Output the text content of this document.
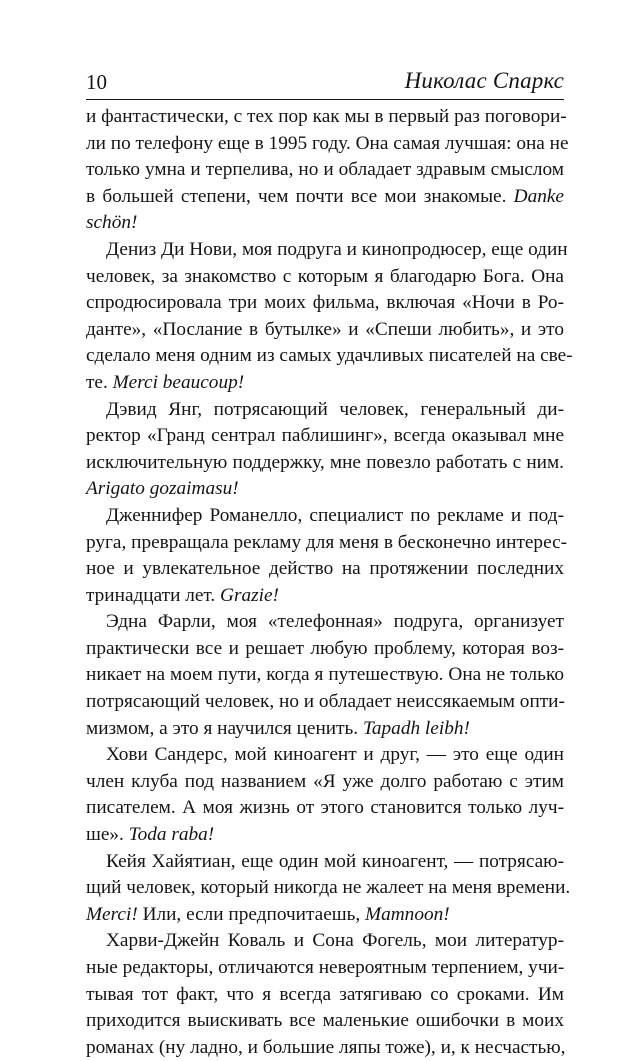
10	Николас Спаркс
и фантастически, с тех пор как мы в первый раз поговори-
ли по телефону еще в 1995 году. Она самая лучшая: она не
только умна и терпелива, но и обладает здравым смыслом
в большей степени, чем почти все мои знакомые. Danke
schön!
Дениз Ди Нови, моя подруга и кинопродюсер, еще один
человек, за знакомство с которым я благодарю Бога. Она
спродюсировала три моих фильма, включая «Ночи в Ро-
данте», «Послание в бутылке» и «Спеши любить», и это
сделало меня одним из самых удачливых писателей на све-
те. Merci beaucoup!
Дэвид Янг, потрясающий человек, генеральный ди-
ректор «Гранд сентрал паблишинг», всегда оказывал мне
исключительную поддержку, мне повезло работать с ним.
Arigato gozaimasu!
Дженнифер Романелло, специалист по рекламе и под-
руга, превращала рекламу для меня в бесконечно интерес-
ное и увлекательное действо на протяжении последних
тринадцати лет. Grazie!
Эдна Фарли, моя «телефонная» подруга, организует
практически все и решает любую проблему, которая воз-
никает на моем пути, когда я путешествую. Она не только
потрясающий человек, но и обладает неиссякаемым опти-
мизмом, а это я научился ценить. Tapadh leibh!
Хови Сандерс, мой киноагент и друг, — это еще один
член клуба под названием «Я уже долго работаю с этим
писателем. А моя жизнь от этого становится только луч-
ше». Toda raba!
Кейя Хайятиан, еще один мой киноагент, — потрясаю-
щий человек, который никогда не жалеет на меня времени.
Merci! Или, если предпочитаешь, Mamnoon!
Харви-Джейн Коваль и Сона Фогель, мои литератур-
ные редакторы, отличаются невероятным терпением, учи-
тывая тот факт, что я всегда затягиваю со сроками. Им
приходится выискивать все маленькие ошибочки в моих
романах (ну ладно, и большие ляпы тоже), и, к несчастью,
